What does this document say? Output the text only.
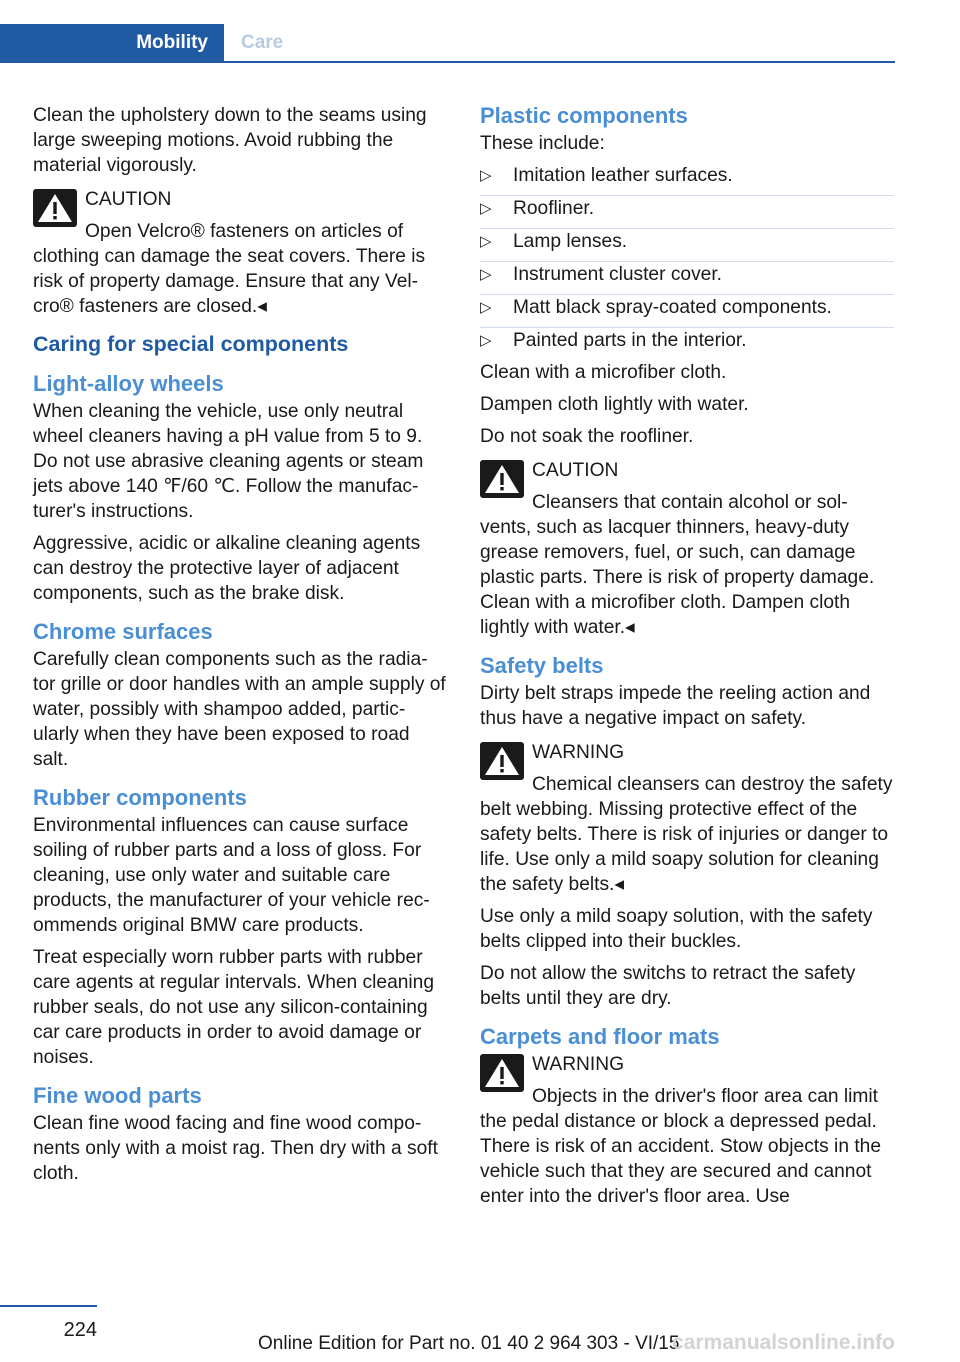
Mobility	Care

Clean the upholstery down to the seams using large sweeping motions. Avoid rubbing the material vigorously.

CAUTION

Open Velcro® fasteners on articles of clothing can damage the seat covers. There is risk of property damage. Ensure that any Vel-cro® fasteners are closed.◂

Caring for special components
Light-alloy wheels

When cleaning the vehicle, use only neutral wheel cleaners having a pH value from 5 to 9. Do not use abrasive cleaning agents or steam jets above 140 ℉/60 ℃. Follow the manufac-turer's instructions.

Aggressive, acidic or alkaline cleaning agents can destroy the protective layer of adjacent components, such as the brake disk.

Chrome surfaces

Carefully clean components such as the radia-tor grille or door handles with an ample supply of water, possibly with shampoo added, partic-ularly when they have been exposed to road salt.

Rubber components

Environmental influences can cause surface soiling of rubber parts and a loss of gloss. For cleaning, use only water and suitable care products, the manufacturer of your vehicle rec-ommends original BMW care products.

Treat especially worn rubber parts with rubber care agents at regular intervals. When cleaning rubber seals, do not use any silicon-containing car care products in order to avoid damage or noises.

Fine wood parts

Clean fine wood facing and fine wood compo-nents only with a moist rag. Then dry with a soft cloth.

Plastic components

These include:

▷ Imitation leather surfaces.
▷ Roofliner.
▷ Lamp lenses.
▷ Instrument cluster cover.
▷ Matt black spray-coated components.
▷ Painted parts in the interior.

Clean with a microfiber cloth.

Dampen cloth lightly with water.

Do not soak the roofliner.

CAUTION

Cleansers that contain alcohol or sol-vents, such as lacquer thinners, heavy-duty grease removers, fuel, or such, can damage plastic parts. There is risk of property damage. Clean with a microfiber cloth. Dampen cloth lightly with water.◂

Safety belts

Dirty belt straps impede the reeling action and thus have a negative impact on safety.

WARNING

Chemical cleansers can destroy the safety belt webbing. Missing protective effect of the safety belts. There is risk of injuries or danger to life. Use only a mild soapy solution for cleaning the safety belts.◂

Use only a mild soapy solution, with the safety belts clipped into their buckles.

Do not allow the switchs to retract the safety belts until they are dry.

Carpets and floor mats
WARNING

Objects in the driver's floor area can limit the pedal distance or block a depressed pedal. There is risk of an accident. Stow objects in the vehicle such that they are secured and cannot enter into the driver's floor area. Use

224
Online Edition for Part no. 01 40 2 964 303 - VI/15
carmanualsonline.info
